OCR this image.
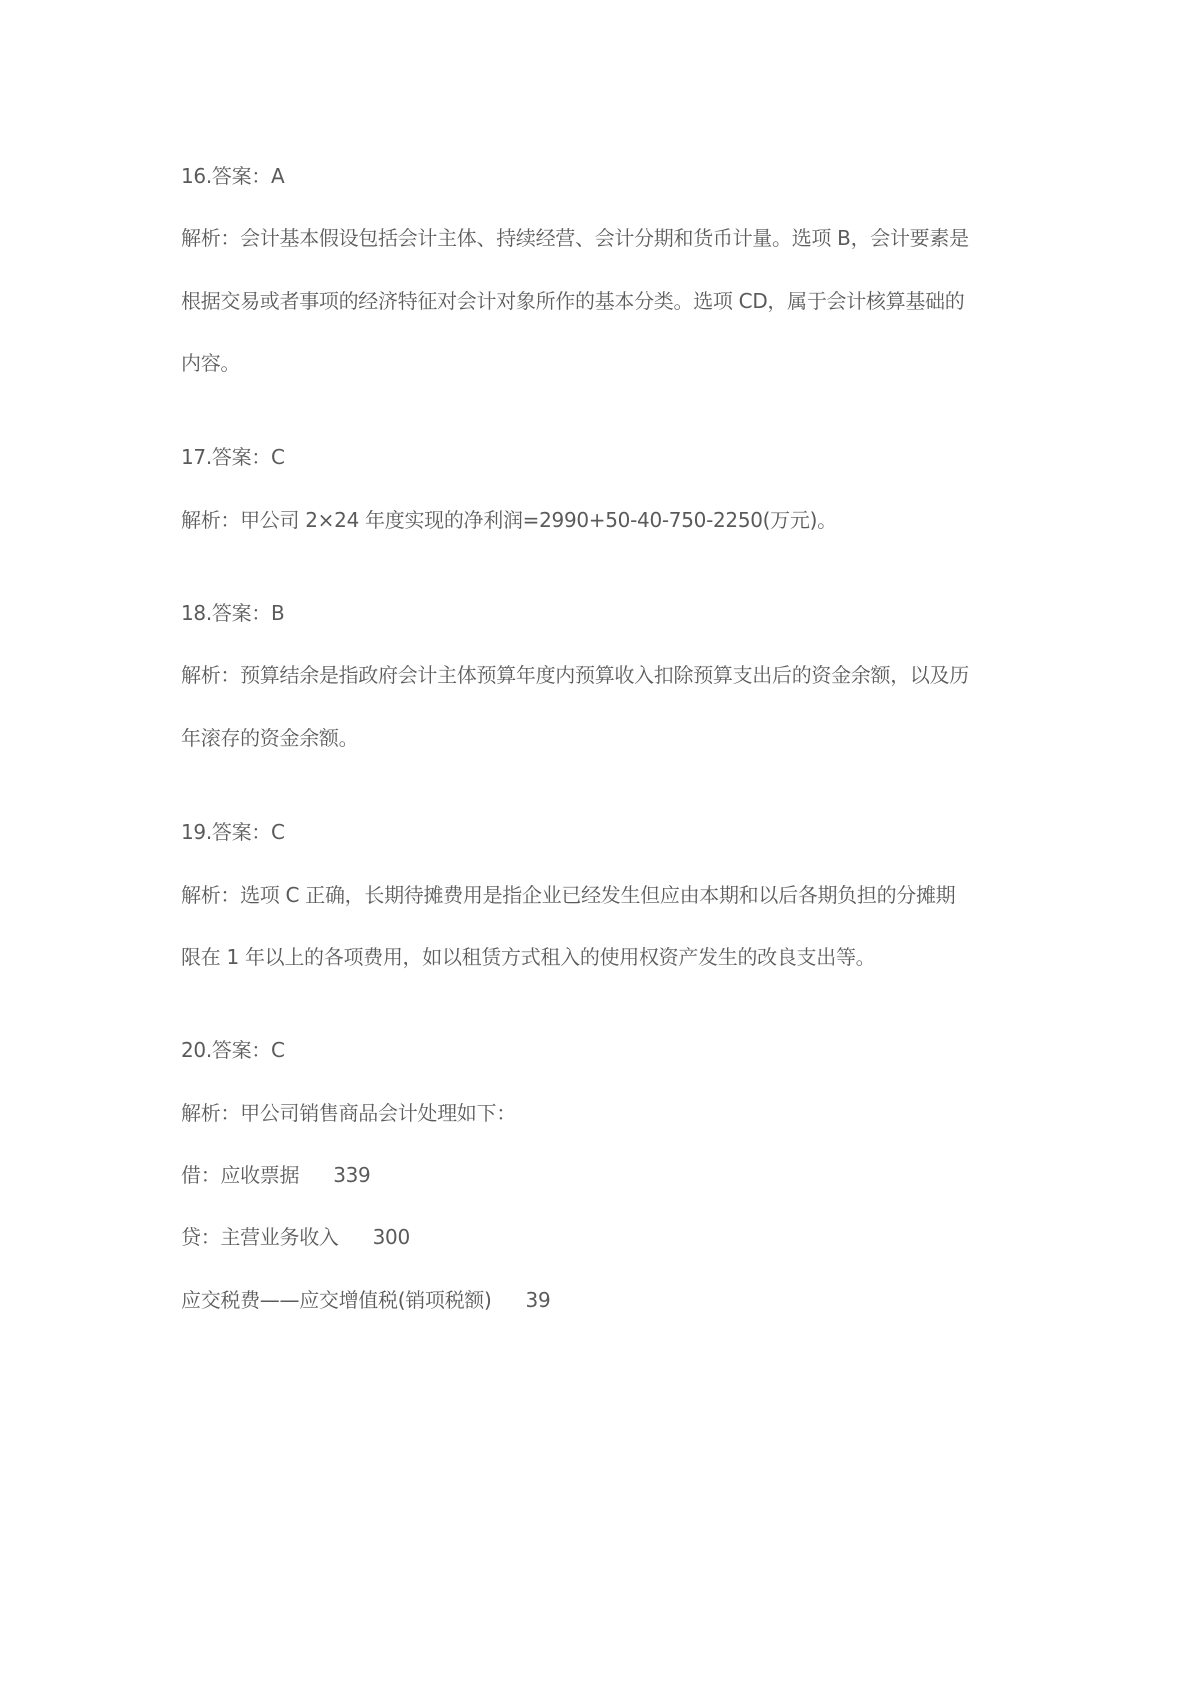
16.答案：A
解析：会计基本假设包括会计主体、持续经营、会计分期和货币计量。选项 B，会计要素是
根据交易或者事项的经济特征对会计对象所作的基本分类。选项 CD，属于会计核算基础的
内容。
17.答案：C
解析：甲公司 2×24 年度实现的净利润=2990+50-40-750-2250(万元)。
18.答案：B
解析：预算结余是指政府会计主体预算年度内预算收入扣除预算支出后的资金余额，以及历
年滚存的资金余额。
19.答案：C
解析：选项 C 正确，长期待摊费用是指企业已经发生但应由本期和以后各期负担的分摊期
限在 1 年以上的各项费用，如以租赁方式租入的使用权资产发生的改良支出等。
20.答案：C
解析：甲公司销售商品会计处理如下：
借：应收票据 339
贷：主营业务收入 300
应交税费——应交增值税(销项税额) 39
